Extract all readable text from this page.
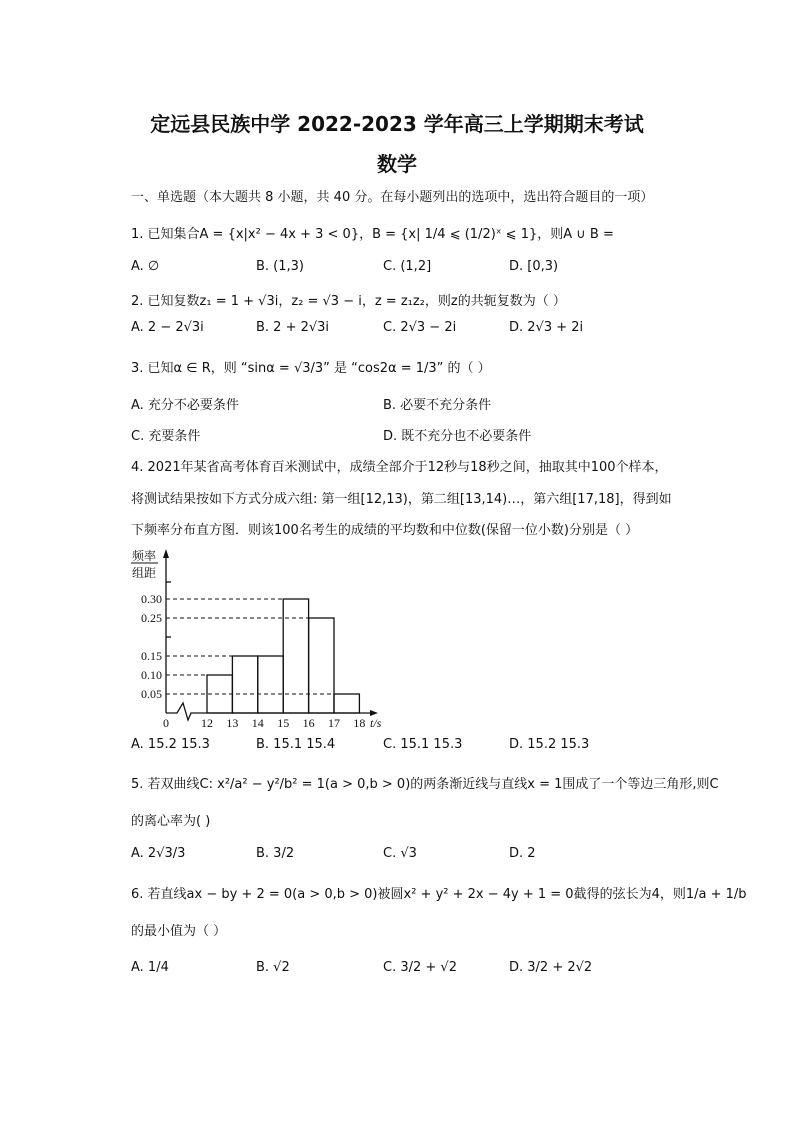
定远县民族中学 2022-2023 学年高三上学期期末考试
数学
一、单选题（本大题共 8 小题，共 40 分。在每小题列出的选项中，选出符合题目的一项）
1. 已知集合A = {x|x² − 4x + 3 < 0}，B = {x| 1/4 ⩽ (1/2)ˣ ⩽ 1}，则A ∪ B =
A. ∅	B. (1,3)	C. (1,2]	D. [0,3)
2. 已知复数z₁ = 1 + √3i，z₂ = √3 − i，z = z₁z₂，则z的共轭复数为（ ）
A. 2 − 2√3i	B. 2 + 2√3i	C. 2√3 − 2i	D. 2√3 + 2i
3. 已知α ∈ R，则 “sinα = √3/3” 是 “cos2α = 1/3” 的（ ）
A. 充分不必要条件	B. 必要不充分条件
C. 充要条件	D. 既不充分也不必要条件
4. 2021年某省高考体育百米测试中，成绩全部介于12秒与18秒之间，抽取其中100个样本，
将测试结果按如下方式分成六组: 第一组[12,13)，第二组[13,14)…，第六组[17,18]，得到如
下频率分布直方图．则该100名考生的成绩的平均数和中位数(保留一位小数)分别是（ ）
A. 15.2 15.3	B. 15.1 15.4	C. 15.1 15.3	D. 15.2 15.3
5. 若双曲线C: x²/a² − y²/b² = 1(a > 0,b > 0)的两条渐近线与直线x = 1围成了一个等边三角形,则C
的离心率为( )
A. 2√3/3	B. 3/2	C. √3	D. 2
6. 若直线ax − by + 2 = 0(a > 0,b > 0)被圆x² + y² + 2x − 4y + 1 = 0截得的弦长为4，则1/a + 1/b
的最小值为（ ）
A. 1/4	B. √2	C. 3/2 + √2	D. 3/2 + 2√2
0.05
0.10
0.15
0.25
0.30
12 13 14 15 16 17 18
0	t/s
频率
组距
